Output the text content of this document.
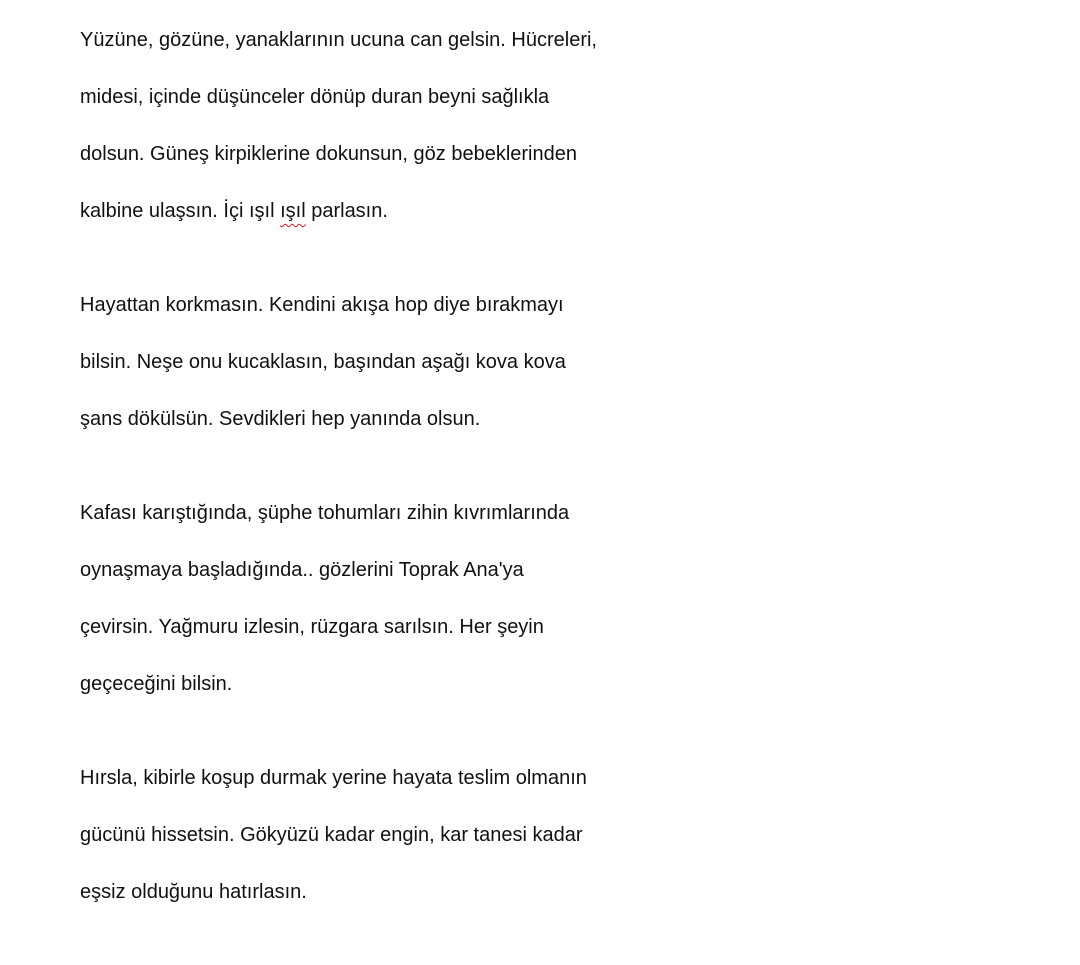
Yüzüne, gözüne, yanaklarının ucuna can gelsin. Hücreleri,

midesi, içinde düşünceler dönüp duran beyni sağlıkla

dolsun. Güneş kirpiklerine dokunsun, göz bebeklerinden

kalbine ulaşsın. İçi ışıl ışıl parlasın.

Hayattan korkmasın. Kendini akışa hop diye bırakmayı

bilsin. Neşe onu kucaklasın, başından aşağı kova kova

şans dökülsün. Sevdikleri hep yanında olsun.

Kafası karıştığında, şüphe tohumları zihin kıvrımlarında

oynaşmaya başladığında.. gözlerini Toprak Ana'ya

çevirsin. Yağmuru izlesin, rüzgara sarılsın. Her şeyin

geçeceğini bilsin.

Hırsla, kibirle koşup durmak yerine hayata teslim olmanın

gücünü hissetsin. Gökyüzü kadar engin, kar tanesi kadar

eşsiz olduğunu hatırlasın.
